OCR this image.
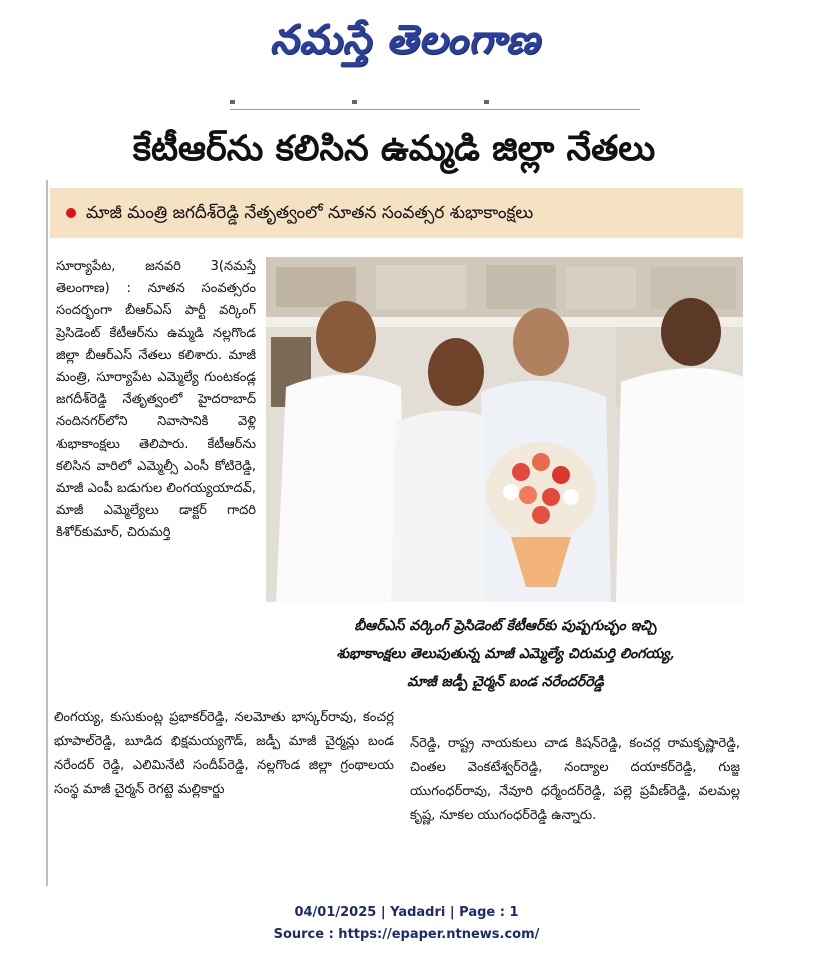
నమస్తే తెలంగాణ
కేటీఆర్‌ను కలిసిన ఉమ్మడి జిల్లా నేతలు
మాజీ మంత్రి జగదీశ్‌రెడ్డి నేతృత్వంలో నూతన సంవత్సర శుభాకాంక్షలు

సూర్యాపేట, జనవరి 3(నమస్తే తెలంగాణ) : నూతన సంవత్సరం సందర్భంగా బీఆర్‌ఎస్ పార్టీ వర్కింగ్ ప్రెసిడెంట్ కేటీఆర్‌ను ఉమ్మడి నల్లగొండ జిల్లా బీఆర్‌ఎస్ నేతలు కలిశారు. మాజీ మంత్రి, సూర్యాపేట ఎమ్మెల్యే గుంటకండ్ల జగదీశ్‌రెడ్డి నేతృత్వంలో హైదరాబాద్ నందినగర్‌లోని నివాసానికి వెళ్లి శుభాకాంక్షలు తెలిపారు. కేటీఆర్‌ను కలిసిన వారిలో ఎమ్మెల్సీ ఎంసీ కోటిరెడ్డి, మాజీ ఎంపీ బడుగుల లింగయ్యయాదవ్, మాజీ ఎమ్మెల్యేలు డాక్టర్ గాదరి కిశోర్‌కుమార్, చిరుమర్తి

బీఆర్‌ఎస్ వర్కింగ్ ప్రెసిడెంట్ కేటీఆర్‌కు పుష్పగుచ్ఛం ఇచ్చి
శుభాకాంక్షలు తెలుపుతున్న మాజీ ఎమ్మెల్యే చిరుమర్తి లింగయ్య,
మాజీ జడ్పీ చైర్మన్ బండ నరేందర్‌రెడ్డి

లింగయ్య, కుసుకుంట్ల ప్రభాకర్‌రెడ్డి, నలమోతు భాస్కర్‌రావు, కంచర్ల భూపాల్‌రెడ్డి, బూడిద భిక్షమయ్యగౌడ్, జడ్పీ మాజీ చైర్మన్లు బండ నరేందర్ రెడ్డి, ఎలిమినేటి సందీప్‌రెడ్డి, నల్లగొండ జిల్లా గ్రంథాలయ సంస్థ మాజీ చైర్మన్ రెగట్టె మల్లికార్జు

న్‌రెడ్డి, రాష్ట్ర నాయకులు చాడ కిషన్‌రెడ్డి, కంచర్ల రామకృష్ణారెడ్డి, చింతల వెంకటేశ్వర్‌రెడ్డి, నంద్యాల దయాకర్‌రెడ్డి, గుజ్జ యుగంధర్‌రావు, నేవూరి ధర్మేందర్‌రెడ్డి, పల్లె ప్రవీణ్‌రెడ్డి, వలమల్ల కృష్ణ, నూకల యుగంధర్‌రెడ్డి ఉన్నారు.

04/01/2025 | Yadadri | Page : 1
Source : https://epaper.ntnews.com/
